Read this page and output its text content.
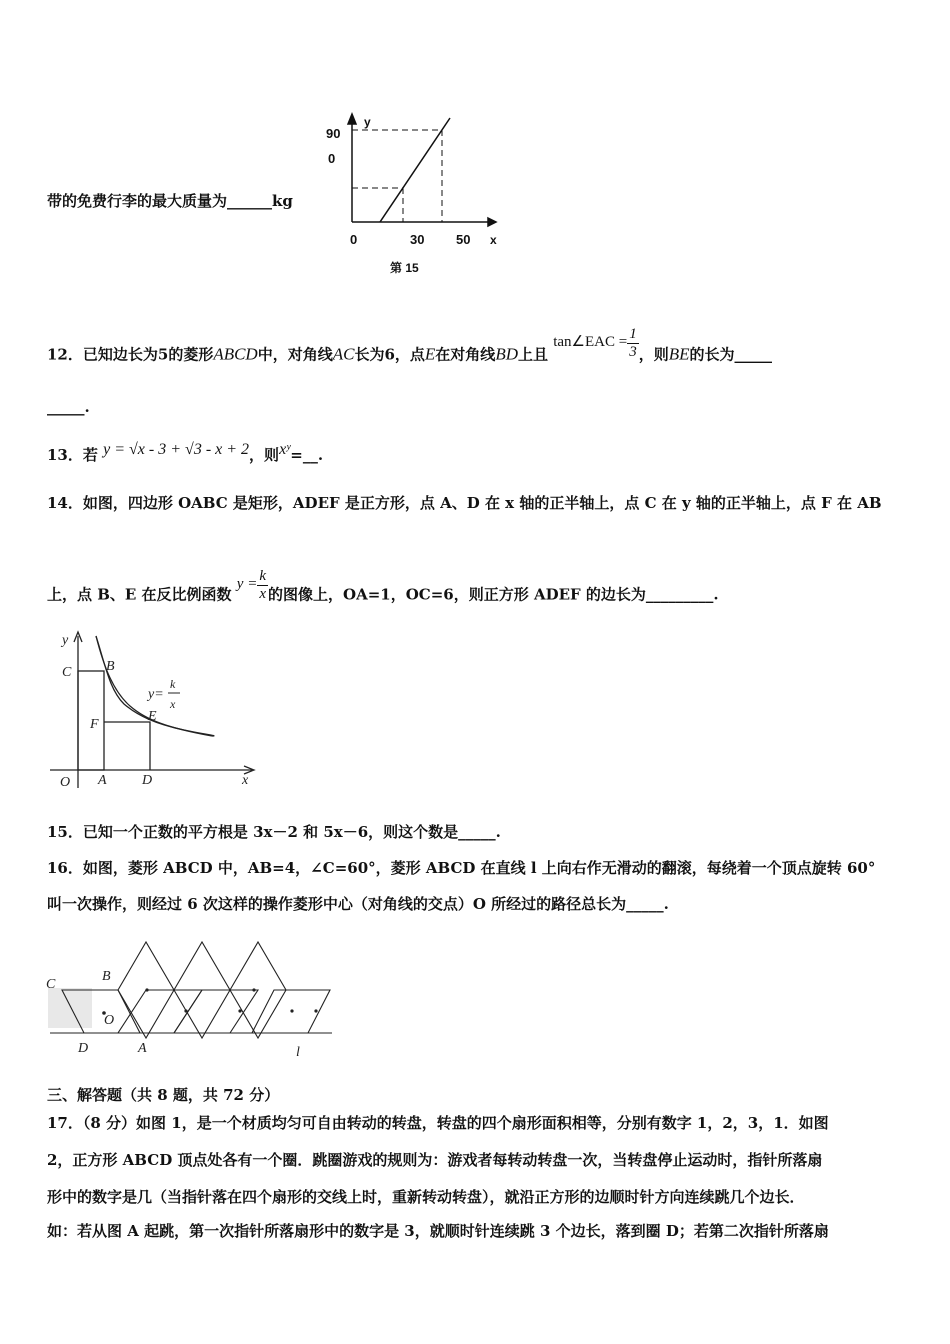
带的免费行李的最大质量为______kg
90
0
y
0	30 50 x
第 15
12．已知边长为5的菱形ABCD中，对角线AC长为6，点E在对角线BD上且 tan∠EAC = $\frac{1}{3}$ ，则BE的长为_____
_____.
13．若 y = √x - 3 + √3 - x + 2，则xʸ=__.
14．如图，四边形 OABC 是矩形，ADEF 是正方形，点 A、D 在 x 轴的正半轴上，点 C 在 y 轴的正半轴上，点 F 在 AB
上，点 B、E 在反比例函数 $y = \frac{k}{x}$ 的图像上，OA=1，OC=6，则正方形 ADEF 的边长为_________.
y
x
C B
F
E
O A	D
y=
k
x
15．已知一个正数的平方根是 3x－2 和 5x－6，则这个数是_____.
16．如图，菱形 ABCD 中，AB=4，∠C=60°，菱形 ABCD 在直线 l 上向右作无滑动的翻滚，每绕着一个顶点旋转 60°
叫一次操作，则经过 6 次这样的操作菱形中心（对角线的交点）O 所经过的路径总长为_____.
C
B
O
D	A	l
三、解答题（共 8 题，共 72 分）
17．（8 分）如图 1，是一个材质均匀可自由转动的转盘，转盘的四个扇形面积相等，分别有数字 1，2，3，1．如图
2，正方形 ABCD 顶点处各有一个圈．跳圈游戏的规则为：游戏者每转动转盘一次，当转盘停止运动时，指针所落扇
形中的数字是几（当指针落在四个扇形的交线上时，重新转动转盘），就沿正方形的边顺时针方向连续跳几个边长．
如：若从图 A 起跳，第一次指针所落扇形中的数字是 3，就顺时针连续跳 3 个边长，落到圈 D；若第二次指针所落扇
